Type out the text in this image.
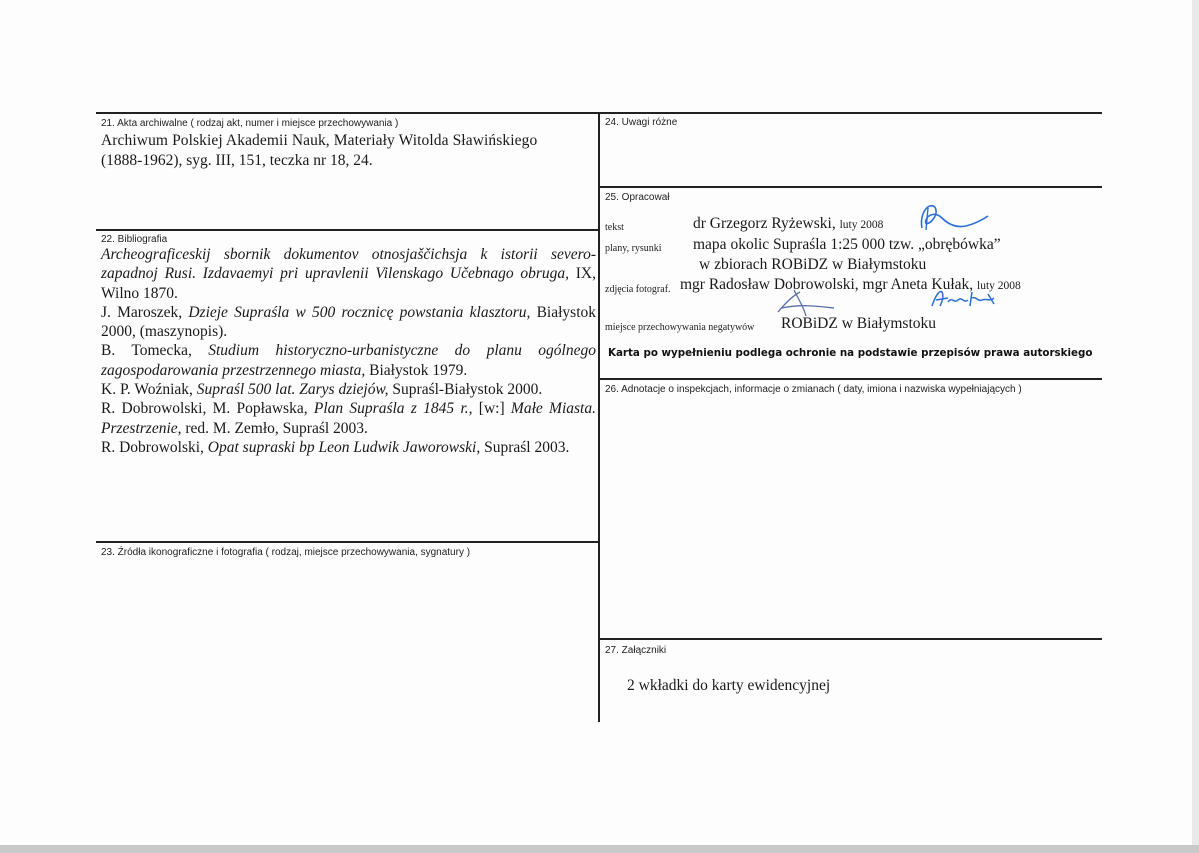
21. Akta archiwalne ( rodzaj akt, numer i miejsce przechowywania )
Archiwum Polskiej Akademii Nauk, Materiały Witolda Sławińskiego
(1888-1962), syg. III, 151, teczka nr 18, 24.
22. Bibliografia
Archeograficeskij sbornik dokumentov otnosjaščichsja k istorii severo-zapadnoj Rusi. Izdavaemyi pri upravlenii Vilenskago Učebnago obruga, IX, Wilno 1870.
J. Maroszek, Dzieje Supraśla w 500 rocznicę powstania klasztoru, Białystok 2000, (maszynopis).
B. Tomecka, Studium historyczno-urbanistyczne do planu ogólnego zagospodarowania przestrzennego miasta, Białystok 1979.
K. P. Woźniak, Supraśl 500 lat. Zarys dziejów, Supraśl-Białystok 2000.
R. Dobrowolski, M. Popławska, Plan Supraśla z 1845 r., [w:] Małe Miasta. Przestrzenie, red. M. Zemło, Supraśl 2003.
R. Dobrowolski, Opat supraski bp Leon Ludwik Jaworowski, Supraśl 2003.
23. Źródła ikonograficzne i fotografia ( rodzaj, miejsce przechowywania, sygnatury )
24. Uwagi różne
25. Opracował
tekst	dr Grzegorz Ryżewski, luty 2008
plany, rysunki mapa okolic Supraśla 1:25 000 tzw. „obrębówka”
w zbiorach ROBiDZ w Białymstoku
zdjęcia fotograf. mgr Radosław Dobrowolski, mgr Aneta Kułak, luty 2008
miejsce przechowywania negatywów ROBiDZ w Białymstoku
Karta po wypełnieniu podlega ochronie na podstawie przepisów prawa autorskiego
26. Adnotacje o inspekcjach, informacje o zmianach ( daty, imiona i nazwiska wypełniających )
27. Załączniki
2 wkładki do karty ewidencyjnej
